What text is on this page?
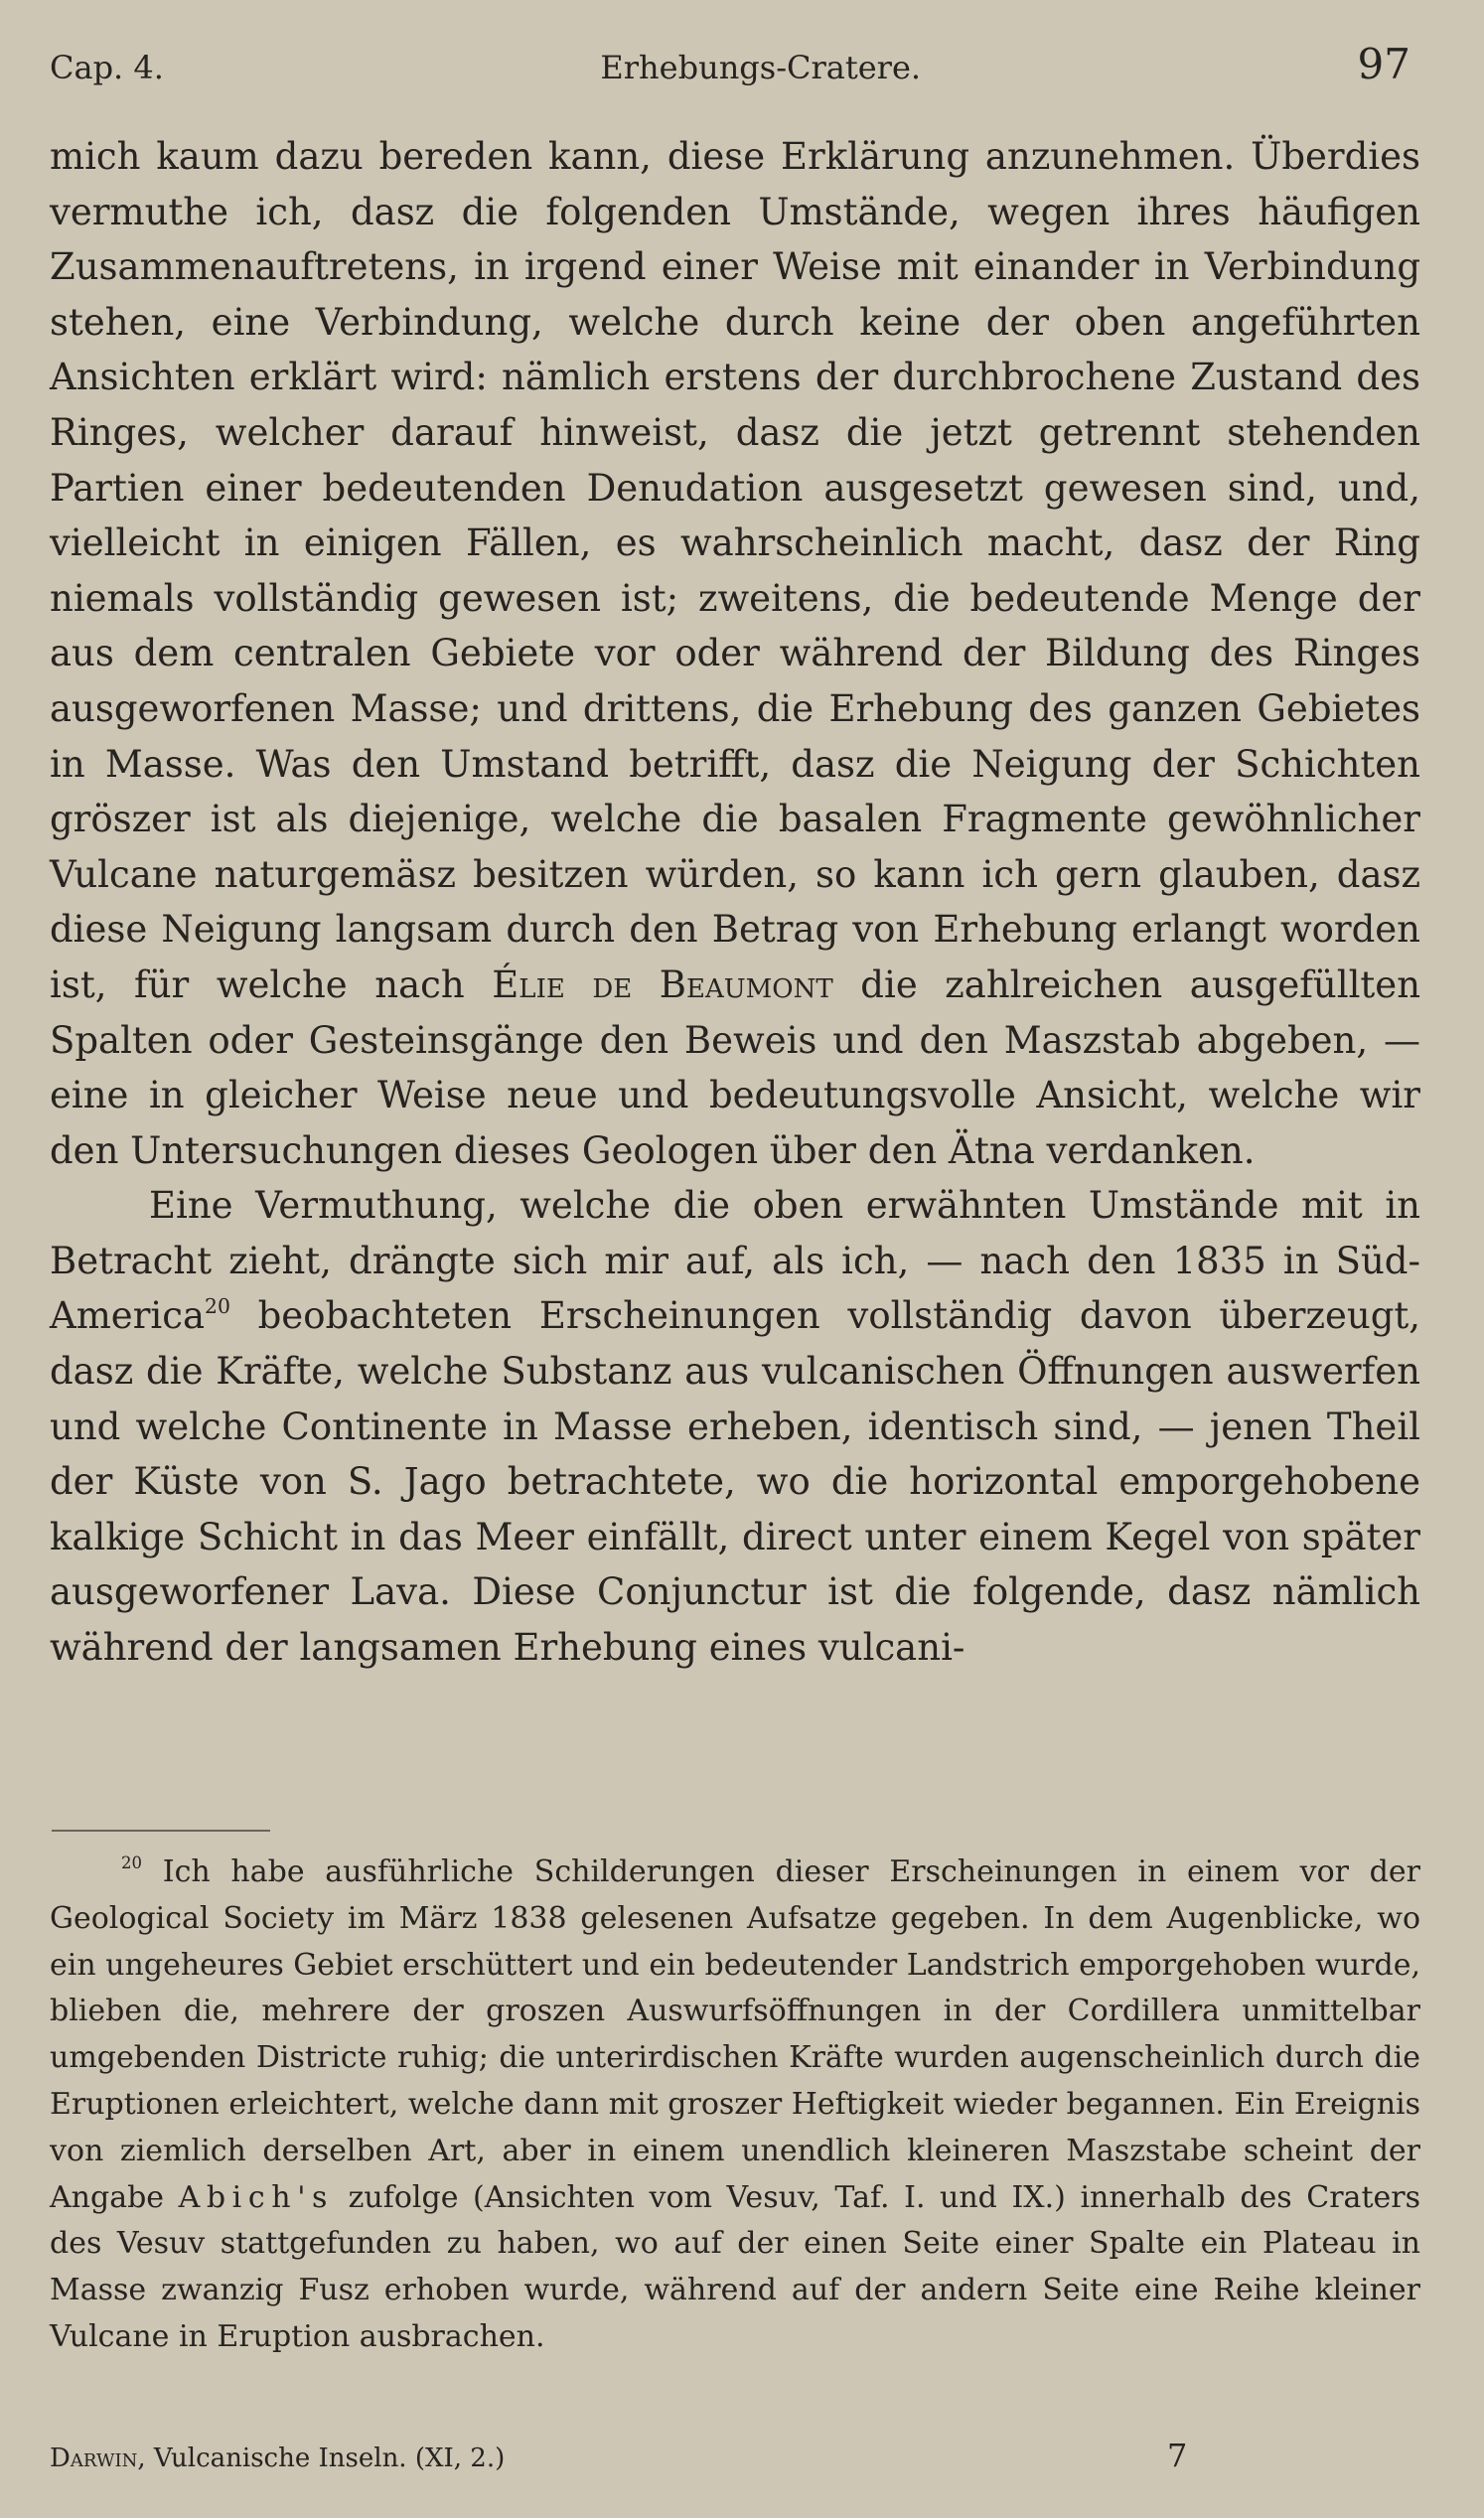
Cap. 4.	Erhebungs-Cratere.	97

mich kaum dazu bereden kann, diese Erklärung anzunehmen. Überdies vermuthe ich, dasz die folgenden Umstände, wegen ihres häufigen Zusammenauftretens, in irgend einer Weise mit einander in Verbindung stehen, eine Verbindung, welche durch keine der oben angeführten Ansichten erklärt wird: nämlich erstens der durchbrochene Zustand des Ringes, welcher darauf hinweist, dasz die jetzt getrennt stehenden Partien einer bedeutenden Denudation ausgesetzt gewesen sind, und, vielleicht in einigen Fällen, es wahrscheinlich macht, dasz der Ring niemals vollständig gewesen ist; zweitens, die bedeutende Menge der aus dem centralen Gebiete vor oder während der Bildung des Ringes ausgeworfenen Masse; und drittens, die Erhebung des ganzen Gebietes in Masse. Was den Umstand betrifft, dasz die Neigung der Schichten gröszer ist als diejenige, welche die basalen Fragmente gewöhnlicher Vulcane naturgemäsz besitzen würden, so kann ich gern glauben, dasz diese Neigung langsam durch den Betrag von Erhebung erlangt worden ist, für welche nach Élie de Beaumont die zahlreichen ausgefüllten Spalten oder Gesteinsgänge den Beweis und den Maszstab abgeben, — eine in gleicher Weise neue und bedeutungsvolle Ansicht, welche wir den Untersuchungen dieses Geologen über den Ätna verdanken.

Eine Vermuthung, welche die oben erwähnten Umstände mit in Betracht zieht, drängte sich mir auf, als ich, — nach den 1835 in Süd-America$^{20}$ beobachteten Erscheinungen vollständig davon überzeugt, dasz die Kräfte, welche Substanz aus vulcanischen Öffnungen auswerfen und welche Continente in Masse erheben, identisch sind, — jenen Theil der Küste von S. Jago betrachtete, wo die horizontal emporgehobene kalkige Schicht in das Meer einfällt, direct unter einem Kegel von später ausgeworfener Lava. Diese Conjunctur ist die folgende, dasz nämlich während der langsamen Erhebung eines vulcani-

$^{20}$ Ich habe ausführliche Schilderungen dieser Erscheinungen in einem vor der Geological Society im März 1838 gelesenen Aufsatze gegeben. In dem Augenblicke, wo ein ungeheures Gebiet erschüttert und ein bedeutender Landstrich emporgehoben wurde, blieben die, mehrere der groszen Auswurfsöffnungen in der Cordillera unmittelbar umgebenden Districte ruhig; die unterirdischen Kräfte wurden augenscheinlich durch die Eruptionen erleichtert, welche dann mit groszer Heftigkeit wieder begannen. Ein Ereignis von ziemlich derselben Art, aber in einem unendlich kleineren Maszstabe scheint der Angabe Abich's zufolge (Ansichten vom Vesuv, Taf. I. und IX.) innerhalb des Craters des Vesuv stattgefunden zu haben, wo auf der einen Seite einer Spalte ein Plateau in Masse zwanzig Fusz erhoben wurde, während auf der andern Seite eine Reihe kleiner Vulcane in Eruption ausbrachen.

Darwin, Vulcanische Inseln. (XI, 2.)	7
